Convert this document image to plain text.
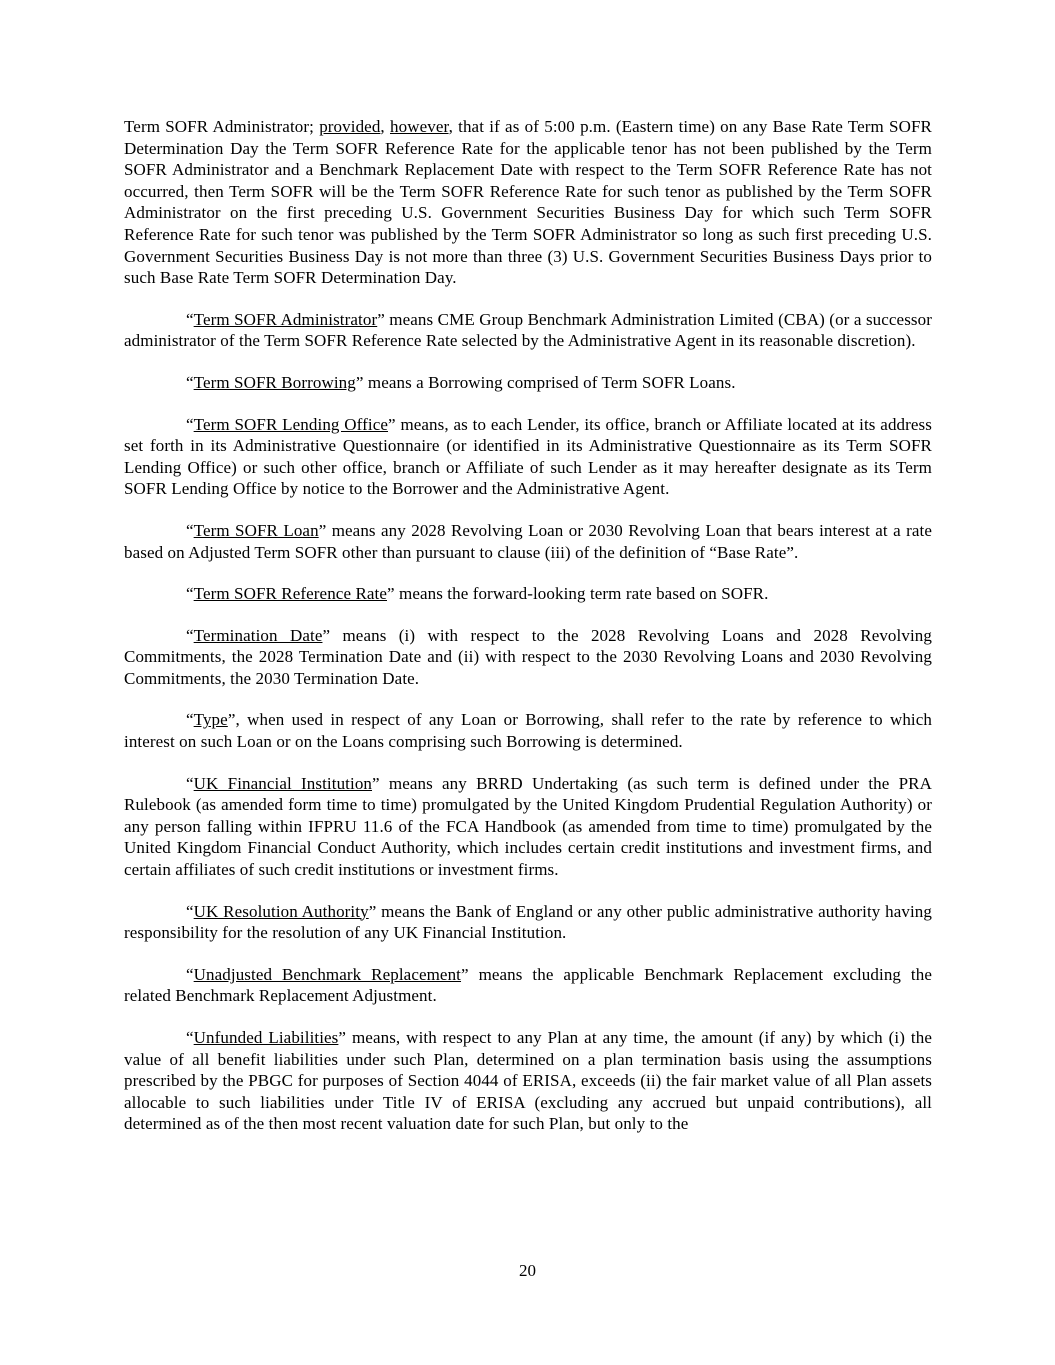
Term SOFR Administrator; provided, however, that if as of 5:00 p.m. (Eastern time) on any Base Rate Term SOFR Determination Day the Term SOFR Reference Rate for the applicable tenor has not been published by the Term SOFR Administrator and a Benchmark Replacement Date with respect to the Term SOFR Reference Rate has not occurred, then Term SOFR will be the Term SOFR Reference Rate for such tenor as published by the Term SOFR Administrator on the first preceding U.S. Government Securities Business Day for which such Term SOFR Reference Rate for such tenor was published by the Term SOFR Administrator so long as such first preceding U.S. Government Securities Business Day is not more than three (3) U.S. Government Securities Business Days prior to such Base Rate Term SOFR Determination Day.

“Term SOFR Administrator” means CME Group Benchmark Administration Limited (CBA) (or a successor administrator of the Term SOFR Reference Rate selected by the Administrative Agent in its reasonable discretion).

“Term SOFR Borrowing” means a Borrowing comprised of Term SOFR Loans.

“Term SOFR Lending Office” means, as to each Lender, its office, branch or Affiliate located at its address set forth in its Administrative Questionnaire (or identified in its Administrative Questionnaire as its Term SOFR Lending Office) or such other office, branch or Affiliate of such Lender as it may hereafter designate as its Term SOFR Lending Office by notice to the Borrower and the Administrative Agent.

“Term SOFR Loan” means any 2028 Revolving Loan or 2030 Revolving Loan that bears interest at a rate based on Adjusted Term SOFR other than pursuant to clause (iii) of the definition of “Base Rate”.

“Term SOFR Reference Rate” means the forward-looking term rate based on SOFR.

“Termination Date” means (i) with respect to the 2028 Revolving Loans and 2028 Revolving Commitments, the 2028 Termination Date and (ii) with respect to the 2030 Revolving Loans and 2030 Revolving Commitments, the 2030 Termination Date.

“Type”, when used in respect of any Loan or Borrowing, shall refer to the rate by reference to which interest on such Loan or on the Loans comprising such Borrowing is determined.

“UK Financial Institution” means any BRRD Undertaking (as such term is defined under the PRA Rulebook (as amended form time to time) promulgated by the United Kingdom Prudential Regulation Authority) or any person falling within IFPRU 11.6 of the FCA Handbook (as amended from time to time) promulgated by the United Kingdom Financial Conduct Authority, which includes certain credit institutions and investment firms, and certain affiliates of such credit institutions or investment firms.

“UK Resolution Authority” means the Bank of England or any other public administrative authority having responsibility for the resolution of any UK Financial Institution.

“Unadjusted Benchmark Replacement” means the applicable Benchmark Replacement excluding the related Benchmark Replacement Adjustment.

“Unfunded Liabilities” means, with respect to any Plan at any time, the amount (if any) by which (i) the value of all benefit liabilities under such Plan, determined on a plan termination basis using the assumptions prescribed by the PBGC for purposes of Section 4044 of ERISA, exceeds (ii) the fair market value of all Plan assets allocable to such liabilities under Title IV of ERISA (excluding any accrued but unpaid contributions), all determined as of the then most recent valuation date for such Plan, but only to the

20
